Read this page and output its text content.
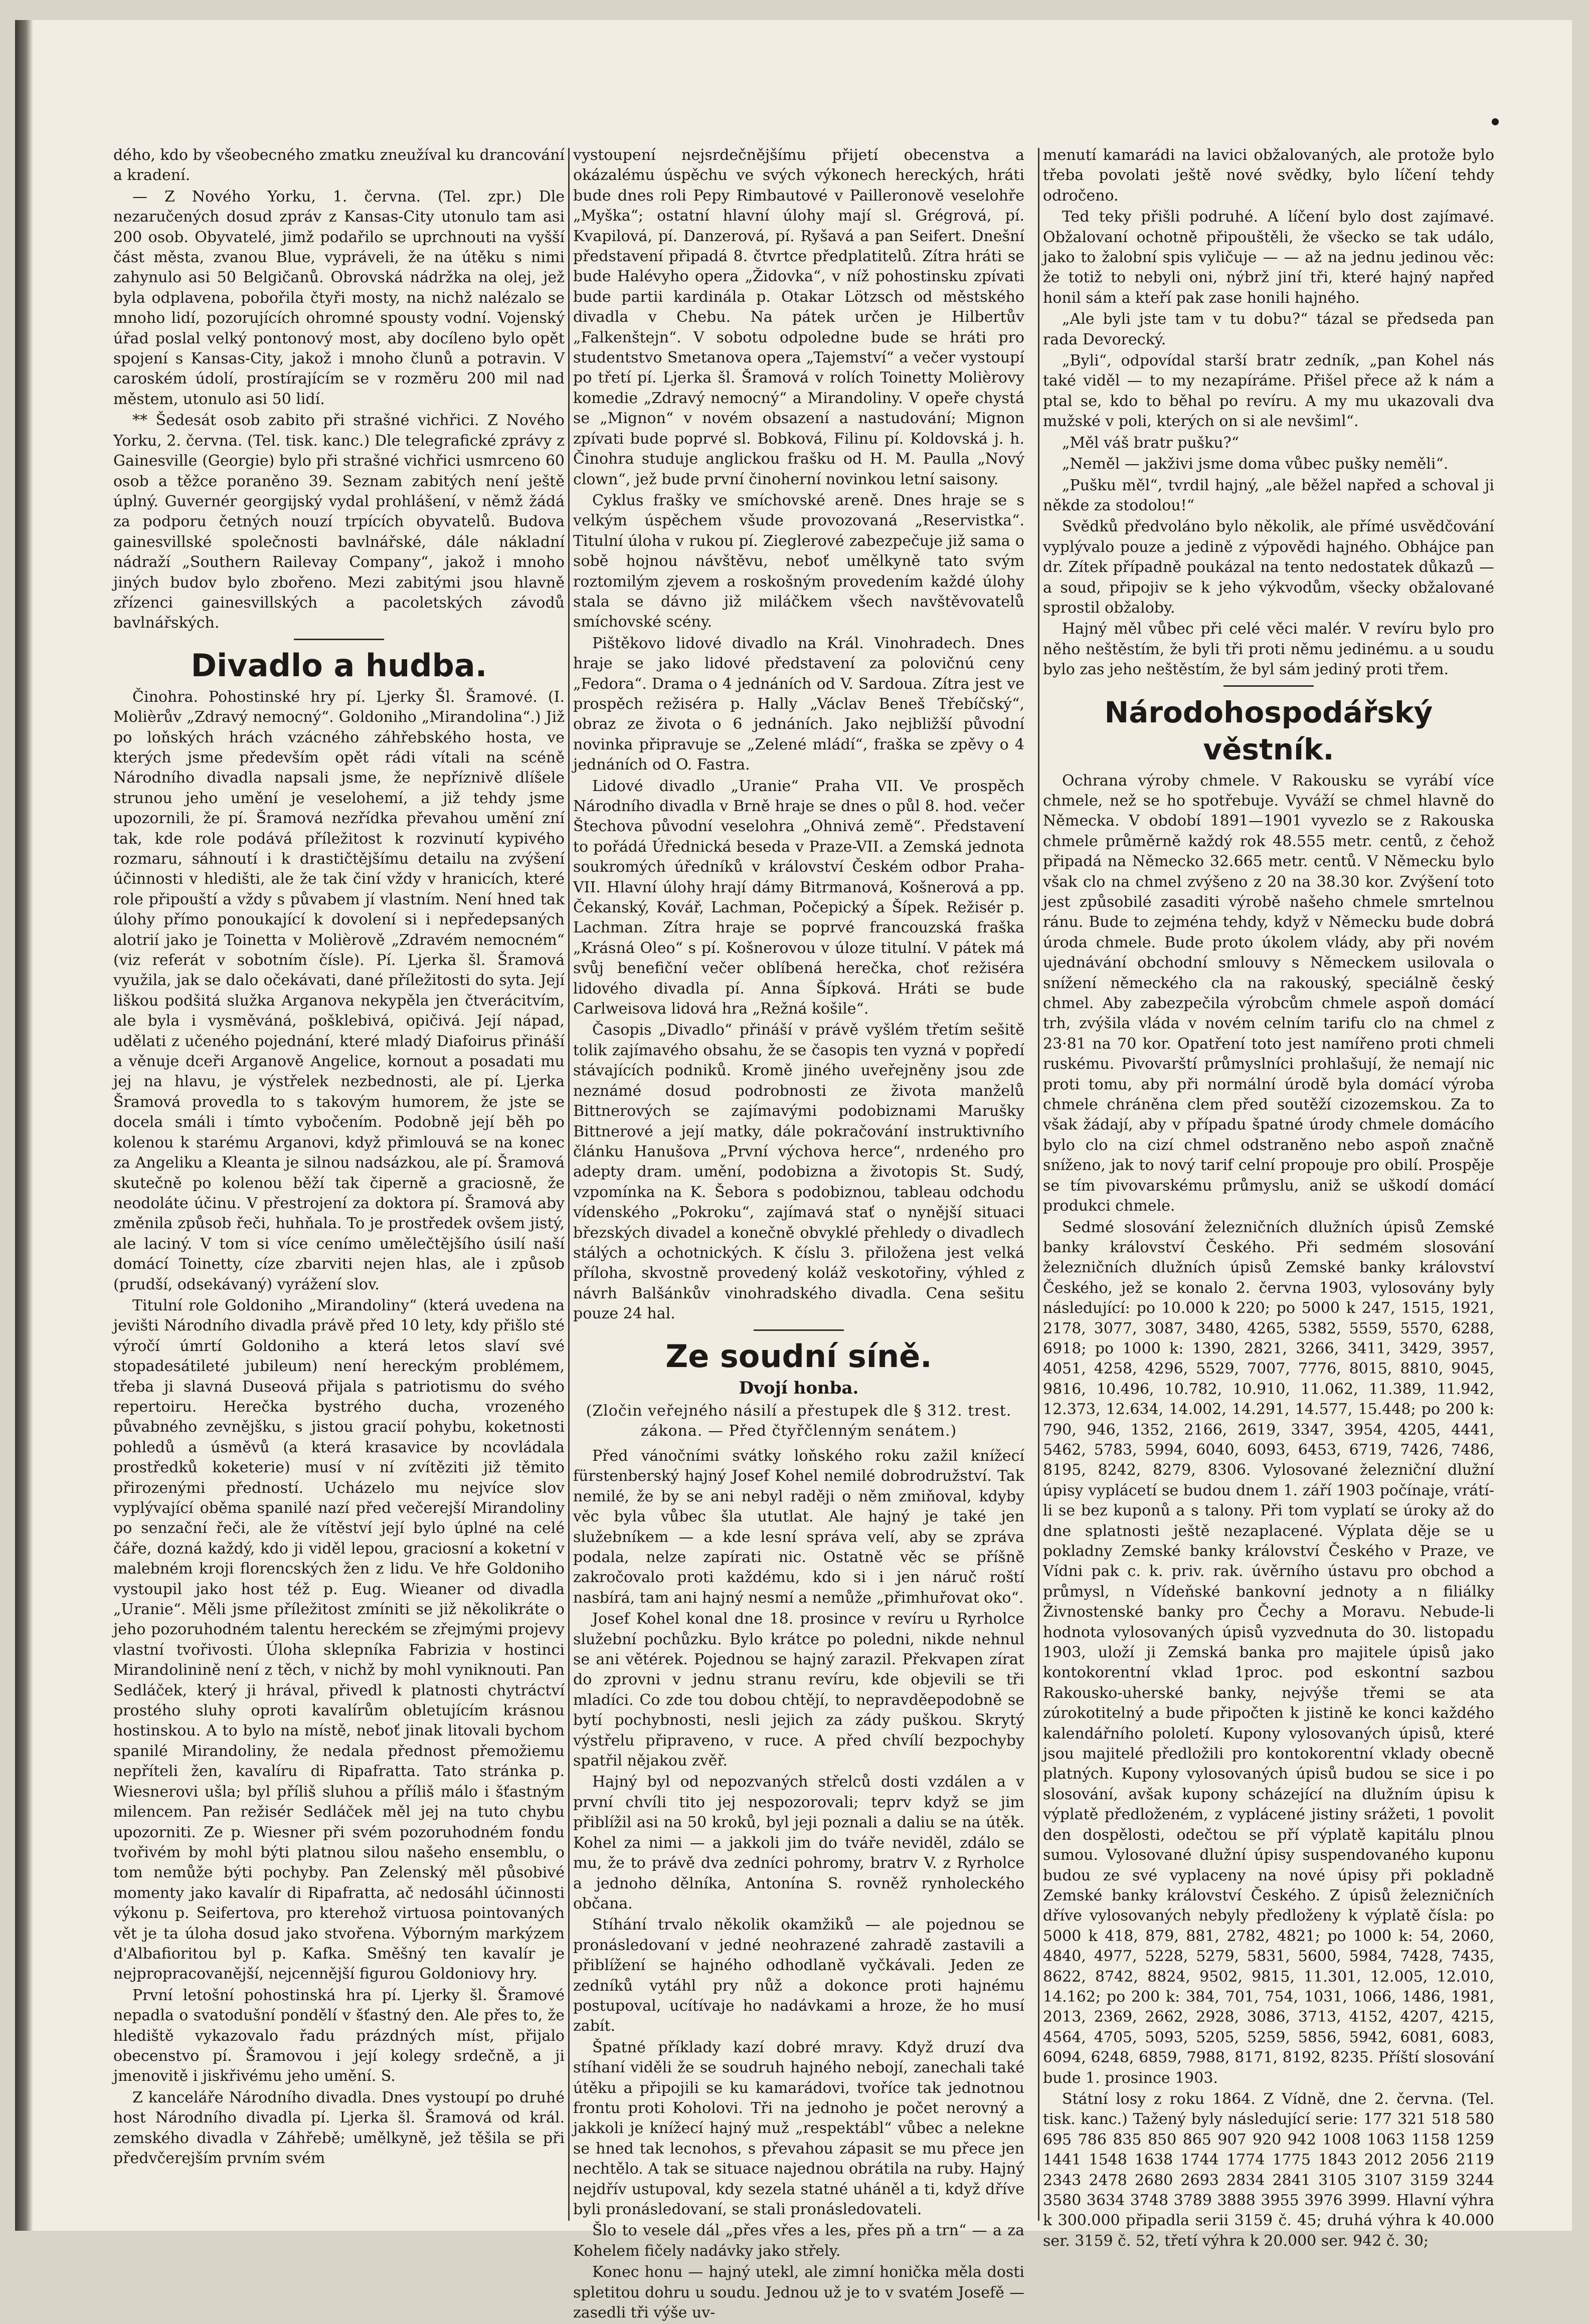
dého, kdo by všeobecného zmatku zneužíval ku drancování a kradení.

— Z Nového Yorku, 1. června. (Tel. zpr.) Dle nezaručených dosud zpráv z Kansas-City utonulo tam asi 200 osob. Obyvatelé, jimž podařilo se uprchnouti na vyšší část města, zvanou Blue, vypráveli, že na útěku s nimi zahynulo asi 50 Belgičanů. Obrovská nádržka na olej, jež byla odplavena, pobořila čtyři mosty, na nichž nalézalo se mnoho lidí, pozorujících ohromné spousty vodní. Vojenský úřad poslal velký pontonový most, aby docíleno bylo opět spojení s Kansas-City, jakož i mnoho člunů a potravin. V caroském údolí, prostírajícím se v rozměru 200 mil nad městem, utonulo asi 50 lidí.

** Šedesát osob zabito při strašné vichřici. Z Nového Yorku, 2. června. (Tel. tisk. kanc.) Dle telegrafické zprávy z Gainesville (Georgie) bylo při strašné vichřici usmrceno 60 osob a těžce poraněno 39. Seznam zabitých není ještě úplný. Guvernér georgijský vydal prohlášení, v němž žádá za podporu četných nouzí trpících obyvatelů. Budova gainesvillské společnosti bavlnářské, dále nákladní nádraží „Southern Railevay Company“, jakož i mnoho jiných budov bylo zbořeno. Mezi zabitými jsou hlavně zřízenci gainesvillských a pacoletských závodů bavlnářských.

Divadlo a hudba.

Činohra. Pohostinské hry pí. Ljerky Šl. Šramové. (I. Molièrův „Zdravý nemocný“. Goldoniho „Mirandolina“.) Již po loňských hrách vzácného záhřebského hosta, ve kterých jsme především opět rádi vítali na scéně Národního divadla napsali jsme, že nepříznivě dlíšele strunou jeho umění je veselohemí, a již tehdy jsme upozornili, že pí. Šramová nezřídka převahou umění zní tak, kde role podává příležitost k rozvinutí kypivého rozmaru, sáhnoutí i k drastičtějšímu detailu na zvýšení účinnosti v hledišti, ale že tak činí vždy v hranicích, které role připouští a vždy s půvabem jí vlastním. Není hned tak úlohy přímo ponoukající k dovolení si i nepředepsaných alotrií jako je Toinetta v Molièrově „Zdravém nemocném“ (viz referát v sobotním čísle). Pí. Ljerka šl. Šramová využila, jak se dalo očekávati, dané příležitosti do syta. Její liškou podšitá služka Arganova nekypěla jen čtverácitvím, ale byla i vysměváná, pošklebivá, opičivá. Její nápad, udělati z učeného pojednání, které mladý Diafoirus přináší a věnuje dceři Arganově Angelice, kornout a posadati mu jej na hlavu, je výstřelek nezbednosti, ale pí. Ljerka Šramová provedla to s takovým humorem, že jste se docela smáli i tímto vybočením. Podobně její běh po kolenou k starému Arganovi, když přimlouvá se na konec za Angeliku a Kleanta je silnou nadsázkou, ale pí. Šramová skutečně po kolenou běží tak čiperně a graciosně, že neodoláte účinu. V přestrojení za doktora pí. Šramová aby změnila způsob řeči, huhňala. To je prostředek ovšem jistý, ale laciný. V tom si více cenímo umělečtějšího úsilí naší domácí Toinetty, cíze zbarviti nejen hlas, ale i způsob (prudší, odsekávaný) vyrážení slov.

Titulní role Goldoniho „Mirandoliny“ (která uvedena na jevišti Národního divadla právě před 10 lety, kdy přišlo sté výročí úmrtí Goldoniho a která letos slaví své stopadesátileté jubileum) není hereckým problémem, třeba ji slavná Duseová přijala s patriotismu do svého repertoiru. Herečka bystrého ducha, vrozeného půvabného zevnějšku, s jistou gracií pohybu, koketnosti pohledů a úsměvů (a která krasavice by ncovládala prostředků koketerie) musí v ní zvítěziti již těmito přirozenými předností. Ucházelo mu nejvíce slov vyplývající oběma spanilé nazí před večerejší Mirandoliny po senzační řeči, ale že vítěství její bylo úplné na celé čáře, dozná každý, kdo ji viděl lepou, graciosní a koketní v malebném kroji florencských žen z lidu. Ve hře Goldoniho vystoupil jako host též p. Eug. Wieaner od divadla „Uranie“. Měli jsme příležitost zmíniti se již několikráte o jeho pozoruhodném talentu hereckém se zřejmými projevy vlastní tvořivosti. Úloha sklepníka Fabrizia v hostinci Mirandolinině není z těch, v nichž by mohl vyniknouti. Pan Sedláček, který ji hrával, přivedl k platnosti chytráctví prostého sluhy oproti kavalírům obletujícím krásnou hostinskou. A to bylo na místě, neboť jinak litovali bychom spanilé Mirandoliny, že nedala přednost přemožiemu nepříteli žen, kavalíru di Ripafratta. Tato stránka p. Wiesnerovi ušla; byl příliš sluhou a příliš málo i šťastným milencem. Pan režisér Sedláček měl jej na tuto chybu upozorniti. Ze p. Wiesner při svém pozoruhodném fondu tvořivém by mohl býti platnou silou našeho ensemblu, o tom nemůže býti pochyby. Pan Zelenský měl působivé momenty jako kavalír di Ripafratta, ač nedosáhl účinnosti výkonu p. Seifertova, pro kterehož virtuosa pointovaných vět je ta úloha dosud jako stvořena. Výborným markýzem d'Albafioritou byl p. Kafka. Směšný ten kavalír je nejpropracovanější, nejcennější figurou Goldoniovy hry.

První letošní pohostinská hra pí. Ljerky šl. Šramové nepadla o svatodušní pondělí v šťastný den. Ale přes to, že hlediště vykazovalo řadu prázdných míst, přijalo obecenstvo pí. Šramovou i její kolegy srdečně, a ji jmenovitě i jiskřivému jeho umění. S.

Z kanceláře Národního divadla. Dnes vystoupí po druhé host Národního divadla pí. Ljerka šl. Šramová od král. zemského divadla v Záhřebě; umělkyně, jež těšila se při předvčerejším prvním svém

vystoupení nejsrdečnějšímu přijetí obecenstva a okázalému úspěchu ve svých výkonech hereckých, hráti bude dnes roli Pepy Rimbautové v Pailleronově veselohře „Myška“; ostatní hlavní úlohy mají sl. Grégrová, pí. Kvapilová, pí. Danzerová, pí. Ryšavá a pan Seifert. Dnešní představení připadá 8. čtvrtce předplatitelů. Zítra hráti se bude Halévyho opera „Židovka“, v níž pohostinsku zpívati bude partii kardinála p. Otakar Lötzsch od městského divadla v Chebu. Na pátek určen je Hilbertův „Falkenštejn“. V sobotu odpoledne bude se hráti pro studentstvo Smetanova opera „Tajemství“ a večer vystoupí po třetí pí. Ljerka šl. Šramová v rolích Toinetty Molièrovy komedie „Zdravý nemocný“ a Mirandoliny. V opeře chystá se „Mignon“ v novém obsazení a nastudování; Mignon zpívati bude poprvé sl. Bobková, Filinu pí. Koldovská j. h. Činohra studuje anglickou frašku od H. M. Paulla „Nový clown“, jež bude první činoherní novinkou letní saisony.

Cyklus frašky ve smíchovské areně. Dnes hraje se s velkým úspěchem všude provozovaná „Reservistka“. Titulní úloha v rukou pí. Zieglerové zabezpečuje již sama o sobě hojnou návštěvu, neboť umělkyně tato svým roztomilým zjevem a roskošným provedením každé úlohy stala se dávno již miláčkem všech navštěvovatelů smíchovské scény.

Pištěkovo lidové divadlo na Král. Vinohradech. Dnes hraje se jako lidové představení za polovičnú ceny „Fedora“. Drama o 4 jednáních od V. Sardoua. Zítra jest ve prospěch režiséra p. Hally „Václav Beneš Třebíčský“, obraz ze života o 6 jednáních. Jako nejbližší původní novinka připravuje se „Zelené mládí“, fraška se zpěvy o 4 jednáních od O. Fastra.

Lidové divadlo „Uranie“ Praha VII. Ve prospěch Národního divadla v Brně hraje se dnes o půl 8. hod. večer Štechova původní veselohra „Ohnivá země“. Představení to pořádá Úřednická beseda v Praze-VII. a Zemská jednota soukromých úředníků v království Českém odbor Praha-VII. Hlavní úlohy hrají dámy Bitrmanová, Košnerová a pp. Čekanský, Kovář, Lachman, Počepický a Šípek. Režisér p. Lachman. Zítra hraje se poprvé francouzská fraška „Krásná Oleo“ s pí. Košnerovou v úloze titulní. V pátek má svůj benefiční večer oblíbená herečka, choť režiséra lidového divadla pí. Anna Šípková. Hráti se bude Carlweisova lidová hra „Režná košile“.

Časopis „Divadlo“ přináší v právě vyšlém třetím sešitě tolik zajímavého obsahu, že se časopis ten vyzná v popředí stávajících podniků. Kromě jiného uveřejněny jsou zde neznámé dosud podrobnosti ze života manželů Bittnerových se zajímavými podobiznami Marušky Bittnerové a její matky, dále pokračování instruktivního článku Hanušova „První výchova herce“, nrdeného pro adepty dram. umění, podobizna a životopis St. Sudý, vzpomínka na K. Šebora s podobiznou, tableau odchodu vídenského „Pokroku“, zajímavá stať o nynější situaci březských divadel a konečně obvyklé přehledy o divadlech stálých a ochotnických. K číslu 3. přiložena jest velká příloha, skvostně provedený koláž veskotořiny, výhled z návrh Balšánkův vinohradského divadla. Cena sešitu pouze 24 hal.

Ze soudní síně.
Dvojí honba.
(Zločin veřejného násilí a přestupek dle § 312. trest. zákona. — Před čtyřčlenným senátem.)

Před vánočními svátky loňského roku zažil knížecí fürstenberský hajný Josef Kohel nemilé dobrodružství. Tak nemilé, že by se ani nebyl raději o něm zmiňoval, kdyby věc byla vůbec šla ututlat. Ale hajný je také jen služebníkem — a kde lesní správa velí, aby se zpráva podala, nelze zapírati nic. Ostatně věc se příšně zakročovalo proti každému, kdo si i jen náruč roští nasbírá, tam ani hajný nesmí a nemůže „přimhuřovat oko“.

Josef Kohel konal dne 18. prosince v revíru u Ryrholce služební pochůzku. Bylo krátce po poledni, nikde nehnul se ani větérek. Pojednou se hajný zarazil. Překvapen zírat do zprovni v jednu stranu revíru, kde objevili se tři mladíci. Co zde tou dobou chtějí, to nepravděepodobně se bytí pochybnosti, nesli jejich za zády puškou. Skrytý výstřelu připraveno, v ruce. A před chvílí bezpochyby spatřil nějakou zvěř.

Hajný byl od nepozvaných střelců dosti vzdálen a v první chvíli tito jej nespozorovali; teprv když se jim přiblížil asi na 50 kroků, byl jeji poznali a daliu se na útěk. Kohel za nimi — a jakkoli jim do tváře neviděl, zdálo se mu, že to právě dva zedníci pohromy, bratrv V. z Ryrholce a jednoho dělníka, Antonína S. rovněž rynholeckého občana.

Stíhání trvalo několik okamžiků — ale pojednou se pronásledovaní v jedné neohrazené zahradě zastavili a přiblížení se hajného odhodlaně vyčkávali. Jeden ze zedníků vytáhl pry nůž a dokonce proti hajnému postupoval, ucítívaje ho nadávkami a hroze, že ho musí zabít.

Špatné příklady kazí dobré mravy. Když druzí dva stíhaní viděli že se soudruh hajného nebojí, zanechali také útěku a připojili se ku kamarádovi, tvoříce tak jednotnou frontu proti Koholovi. Tři na jednoho je počet nerovný a jakkoli je knížecí hajný muž „respektábl“ vůbec a nelekne se hned tak lecnohos, s převahou zápasit se mu přece jen nechtělo. A tak se situace najednou obrátila na ruby. Hajný nejdřív ustupoval, kdy sezela statné uháněl a ti, když dříve byli pronásledovaní, se stali pronásledovateli.

Šlo to vesele dál „přes vřes a les, přes pň a trn“ — a za Kohelem fičely nadávky jako střely.

Konec honu — hajný utekl, ale zimní honička měla dosti spletitou dohru u soudu. Jednou už je to v svatém Josefě — zasedli tři výše uv-

menutí kamarádi na lavici obžalovaných, ale protože bylo třeba povolati ještě nové svědky, bylo líčení tehdy odročeno.

Ted teky přišli podruhé. A líčení bylo dost zajímavé. Obžalovaní ochotně připouštěli, že všecko se tak událo, jako to žalobní spis vyličuje — — až na jednu jedinou věc: že totiž to nebyli oni, nýbrž jiní tři, které hajný napřed honil sám a kteří pak zase honili hajného.

„Ale byli jste tam v tu dobu?“ tázal se předseda pan rada Devorecký.

„Byli“, odpovídal starší bratr zedník, „pan Kohel nás také viděl — to my nezapíráme. Přišel přece až k nám a ptal se, kdo to běhal po revíru. A my mu ukazovali dva mužské v poli, kterých on si ale nevšiml“.

„Měl váš bratr pušku?“

„Neměl — jakživi jsme doma vůbec pušky neměli“.

„Pušku měl“, tvrdil hajný, „ale běžel napřed a schoval ji někde za stodolou!“

Svědků předvoláno bylo několik, ale přímé usvědčování vyplývalo pouze a jedině z výpovědi hajného. Obhájce pan dr. Zítek případně poukázal na tento nedostatek důkazů — a soud, připojiv se k jeho výkvodům, všecky obžalované sprostil obžaloby.

Hajný měl vůbec při celé věci malér. V revíru bylo pro něho neštěstím, že byli tři proti němu jedinému. a u soudu bylo zas jeho neštěstím, že byl sám jediný proti třem.

Národohospodářský věstník.

Ochrana výroby chmele. V Rakousku se vyrábí více chmele, než se ho spotřebuje. Vyváží se chmel hlavně do Německa. V období 1891—1901 vyvezlo se z Rakouska chmele průměrně každý rok 48.555 metr. centů, z čehož připadá na Německo 32.665 metr. centů. V Německu bylo však clo na chmel zvýšeno z 20 na 38.30 kor. Zvýšení toto jest způsobilé zasaditi výrobě našeho chmele smrtelnou ránu. Bude to zejména tehdy, když v Německu bude dobrá úroda chmele. Bude proto úkolem vlády, aby při novém ujednávání obchodní smlouvy s Německem usilovala o snížení německého cla na rakouský, speciálně český chmel. Aby zabezpečila výrobcům chmele aspoň domácí trh, zvýšila vláda v novém celním tarifu clo na chmel z 23·81 na 70 kor. Opatření toto jest namířeno proti chmeli ruskému. Pivovarští průmyslníci prohlašují, že nemají nic proti tomu, aby při normální úrodě byla domácí výroba chmele chráněna clem před soutěží cizozemskou. Za to však žádají, aby v případu špatné úrody chmele domácího bylo clo na cizí chmel odstraněno nebo aspoň značně sníženo, jak to nový tarif celní propouje pro obilí. Prospěje se tím pivovarskému průmyslu, aniž se uškodí domácí produkci chmele.

Sedmé slosování železničních dlužních úpisů Zemské banky království Českého. Při sedmém slosování železničních dlužních úpisů Zemské banky království Českého, jež se konalo 2. června 1903, vylosovány byly následující: po 10.000 k 220; po 5000 k 247, 1515, 1921, 2178, 3077, 3087, 3480, 4265, 5382, 5559, 5570, 6288, 6918; po 1000 k: 1390, 2821, 3266, 3411, 3429, 3957, 4051, 4258, 4296, 5529, 7007, 7776, 8015, 8810, 9045, 9816, 10.496, 10.782, 10.910, 11.062, 11.389, 11.942, 12.373, 12.634, 14.002, 14.291, 14.577, 15.448; po 200 k: 790, 946, 1352, 2166, 2619, 3347, 3954, 4205, 4441, 5462, 5783, 5994, 6040, 6093, 6453, 6719, 7426, 7486, 8195, 8242, 8279, 8306. Vylosované železniční dlužní úpisy vyplácetí se budou dnem 1. září 1903 počínaje, vrátí-li se bez kuponů a s talony. Při tom vyplatí se úroky až do dne splatnosti ještě nezaplacené. Výplata děje se u pokladny Zemské banky království Českého v Praze, ve Vídni pak c. k. priv. rak. úvěrního ústavu pro obchod a průmysl, n Vídeňské bankovní jednoty a n filiálky Živnostenské banky pro Čechy a Moravu. Nebude-li hodnota vylosovaných úpisů vyzvednuta do 30. listopadu 1903, uloží ji Zemská banka pro majitele úpisů jako kontokorentní vklad 1proc. pod eskontní sazbou Rakousko-uherské banky, nejvýše třemi se ata zúrokotitelný a bude připočten k jistině ke konci každého kalendářního pololetí. Kupony vylosovaných úpisů, které jsou majitelé předložili pro kontokorentní vklady obecně platných. Kupony vylosovaných úpisů budou se sice i po slosování, avšak kupony scházející na dlužním úpisu k výplatě předloženém, z vyplácené jistiny srážeti, 1 povolit den dospělosti, odečtou se pří výplatě kapitálu plnou sumou. Vylosované dlužní úpisy suspendovaného kuponu budou ze své vyplaceny na nové úpisy při pokladně Zemské banky království Českého. Z úpisů železničních dříve vylosovaných nebyly předloženy k výplatě čísla: po 5000 k 418, 879, 881, 2782, 4821; po 1000 k: 54, 2060, 4840, 4977, 5228, 5279, 5831, 5600, 5984, 7428, 7435, 8622, 8742, 8824, 9502, 9815, 11.301, 12.005, 12.010, 14.162; po 200 k: 384, 701, 754, 1031, 1066, 1486, 1981, 2013, 2369, 2662, 2928, 3086, 3713, 4152, 4207, 4215, 4564, 4705, 5093, 5205, 5259, 5856, 5942, 6081, 6083, 6094, 6248, 6859, 7988, 8171, 8192, 8235. Příští slosování bude 1. prosince 1903.

Státní losy z roku 1864. Z Vídně, dne 2. června. (Tel. tisk. kanc.) Tažený byly následující serie: 177 321 518 580 695 786 835 850 865 907 920 942 1008 1063 1158 1259 1441 1548 1638 1744 1774 1775 1843 2012 2056 2119 2343 2478 2680 2693 2834 2841 3105 3107 3159 3244 3580 3634 3748 3789 3888 3955 3976 3999. Hlavní výhra k 300.000 připadla serii 3159 č. 45; druhá výhra k 40.000 ser. 3159 č. 52, třetí výhra k 20.000 ser. 942 č. 30;
